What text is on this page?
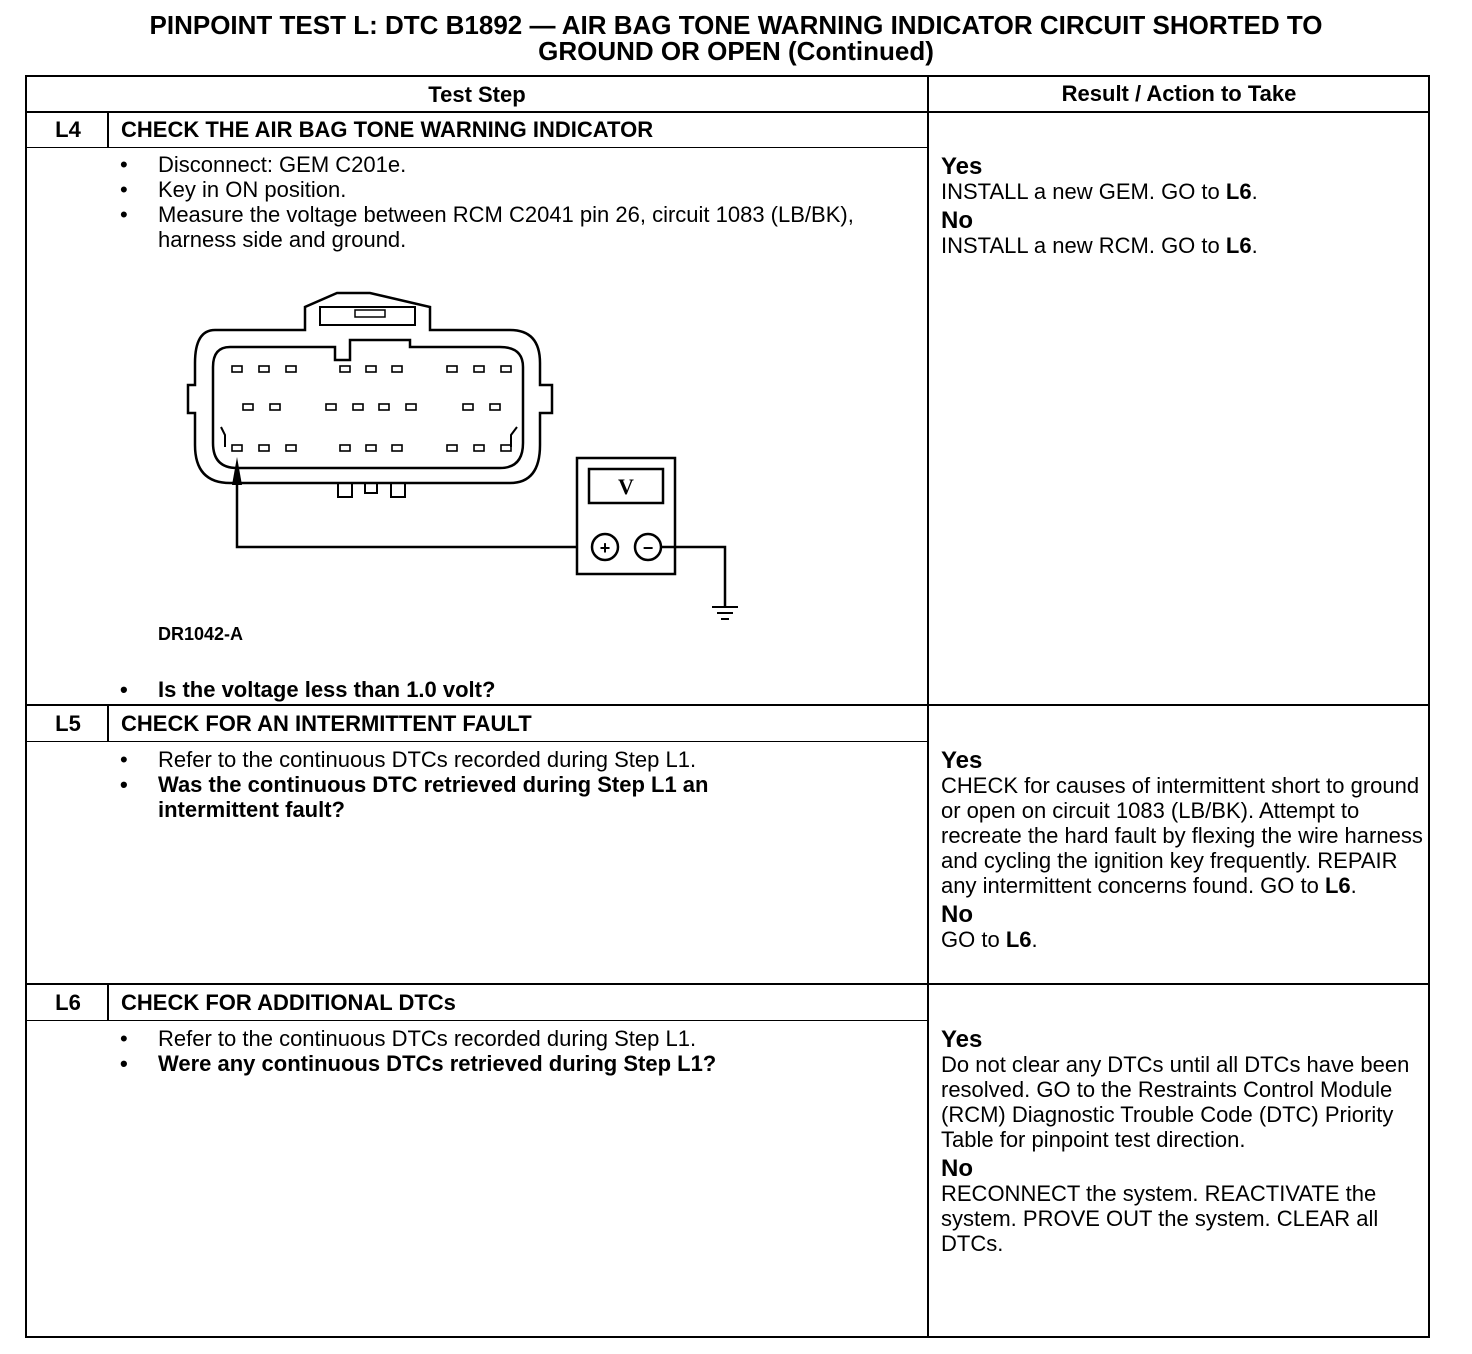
PINPOINT TEST L: DTC B1892 — AIR BAG TONE WARNING INDICATOR CIRCUIT SHORTED TO
GROUND OR OPEN (Continued)
Test Step	Result / Action to Take
L4	CHECK THE AIR BAG TONE WARNING INDICATOR
• Disconnect: GEM C201e.
• Key in ON position.
• Measure the voltage between RCM C2041 pin 26, circuit 1083 (LB/BK), harness side and ground.
V
+ −
DR1042-A
• Is the voltage less than 1.0 volt?
Yes
INSTALL a new GEM. GO to L6.
No
INSTALL a new RCM. GO to L6.
L5	CHECK FOR AN INTERMITTENT FAULT
• Refer to the continuous DTCs recorded during Step L1.
• Was the continuous DTC retrieved during Step L1 an intermittent fault?
Yes
CHECK for causes of intermittent short to ground or open on circuit 1083 (LB/BK). Attempt to recreate the hard fault by flexing the wire harness and cycling the ignition key frequently. REPAIR any intermittent concerns found. GO to L6.
No
GO to L6.
L6	CHECK FOR ADDITIONAL DTCs
• Refer to the continuous DTCs recorded during Step L1.
• Were any continuous DTCs retrieved during Step L1?
Yes
Do not clear any DTCs until all DTCs have been resolved. GO to the Restraints Control Module (RCM) Diagnostic Trouble Code (DTC) Priority Table for pinpoint test direction.
No
RECONNECT the system. REACTIVATE the system. PROVE OUT the system. CLEAR all DTCs.
